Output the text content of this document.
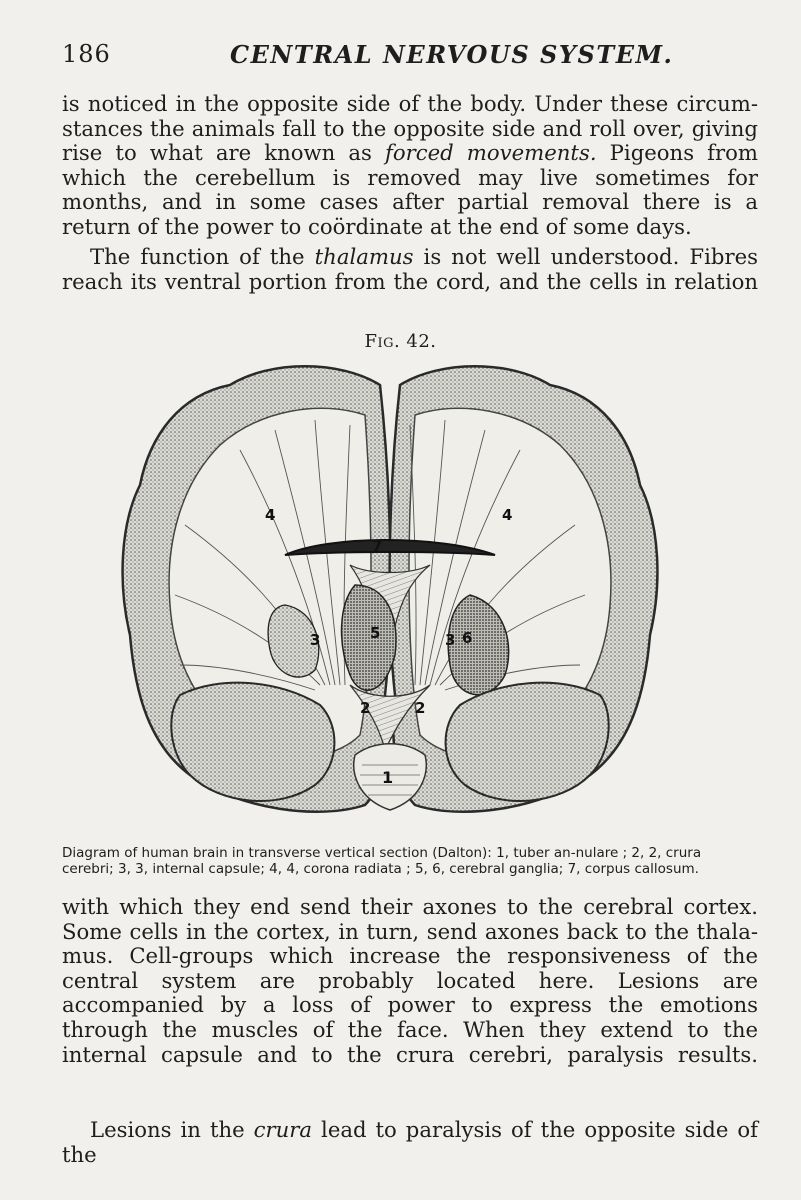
186	CENTRAL NERVOUS SYSTEM.

is noticed in the opposite side of the body. Under these circum-stances the animals fall to the opposite side and roll over, giving rise to what are known as forced movements. Pigeons from which the cerebellum is removed may live sometimes for months, and in some cases after partial removal there is a return of the power to coördinate at the end of some days.

The function of the thalamus is not well understood. Fibres reach its ventral portion from the cord, and the cells in relation

Fig. 42.
1
2	2
3	3
4	4
5	6
7

Diagram of human brain in transverse vertical section (Dalton): 1, tuber an-nulare ; 2, 2, crura cerebri; 3, 3, internal capsule; 4, 4, corona radiata ; 5, 6, cerebral ganglia; 7, corpus callosum.

with which they end send their axones to the cerebral cortex. Some cells in the cortex, in turn, send axones back to the thala-mus. Cell-groups which increase the responsiveness of the central system are probably located here. Lesions are accompanied by a loss of power to express the emotions through the muscles of the face. When they extend to the internal capsule and to the crura cerebri, paralysis results.

Lesions in the crura lead to paralysis of the opposite side of the
